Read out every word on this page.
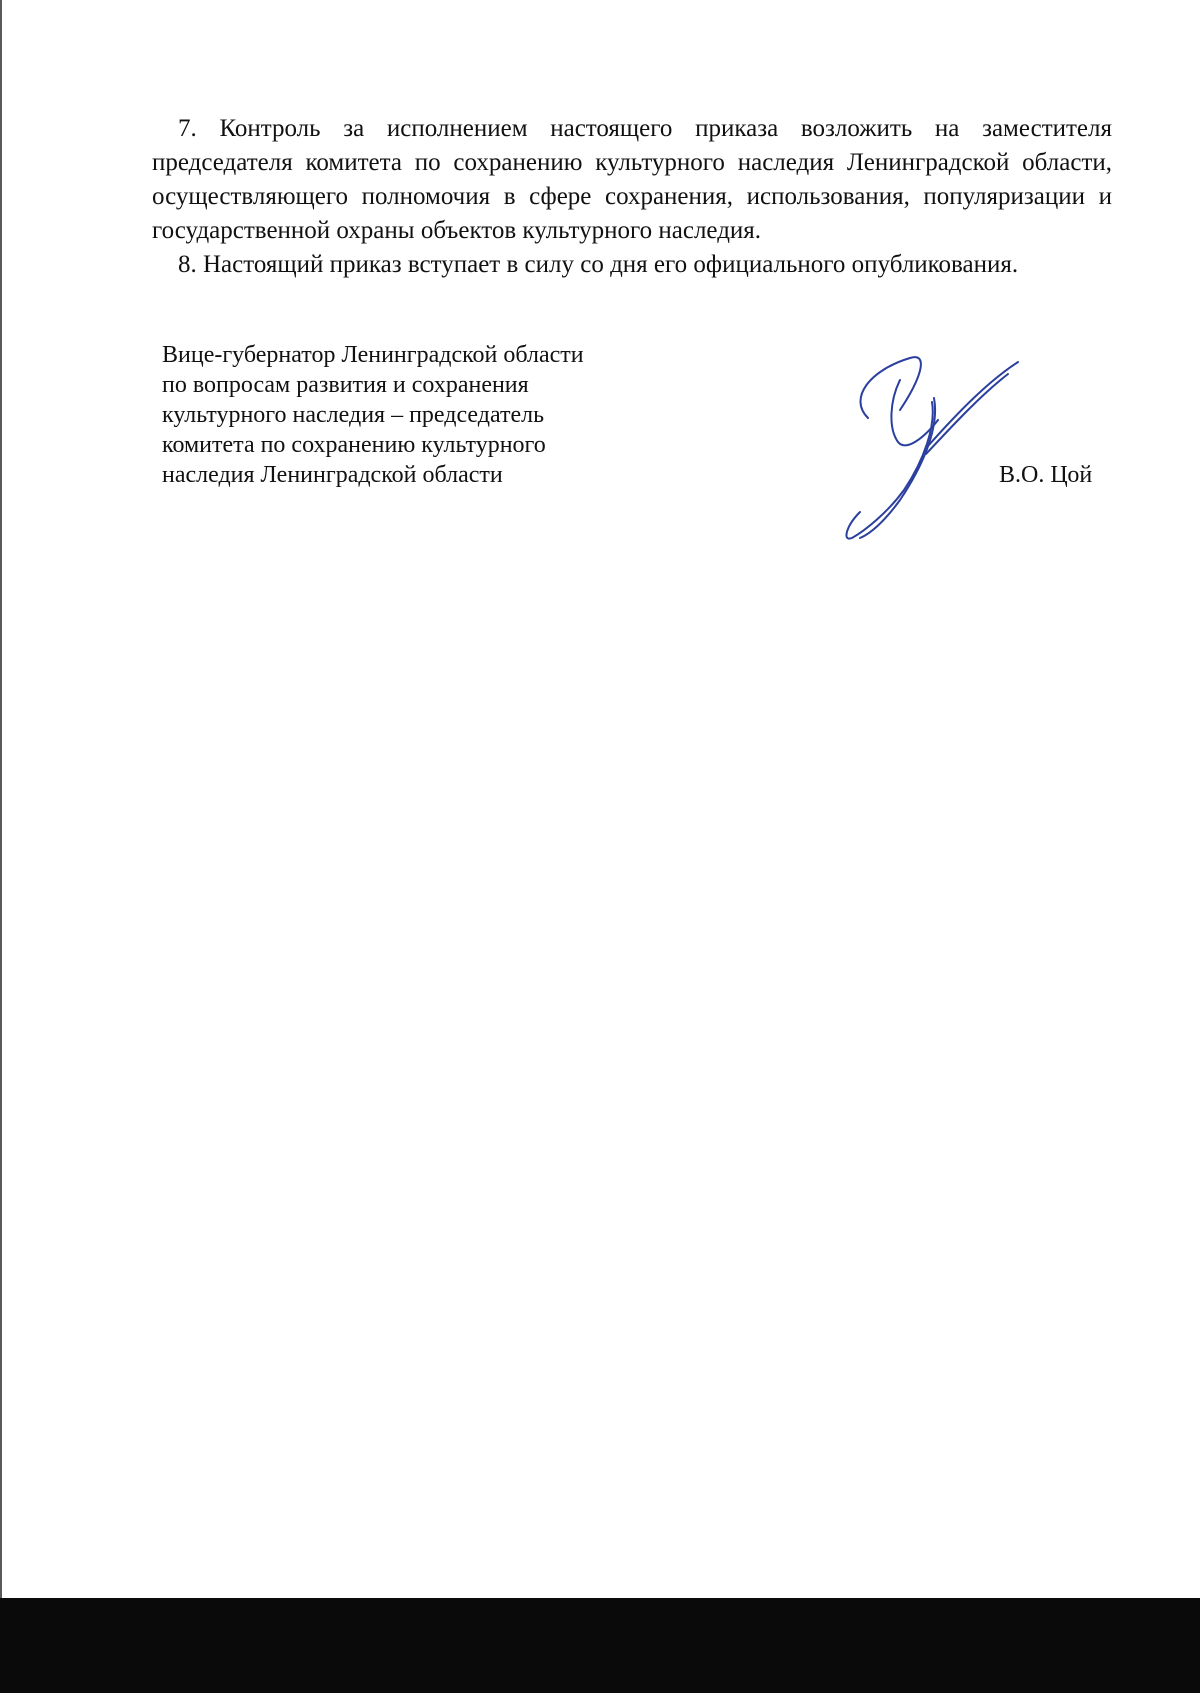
7. Контроль за исполнением настоящего приказа возложить на заместителя председателя комитета по сохранению культурного наследия Ленинградской области, осуществляющего полномочия в сфере сохранения, использования, популяризации и государственной охраны объектов культурного наследия.

8. Настоящий приказ вступает в силу со дня его официального опубликования.

Вице-губернатор Ленинградской области
по вопросам развития и сохранения
культурного наследия – председатель
комитета по сохранению культурного
наследия Ленинградской области	В.О. Цой
